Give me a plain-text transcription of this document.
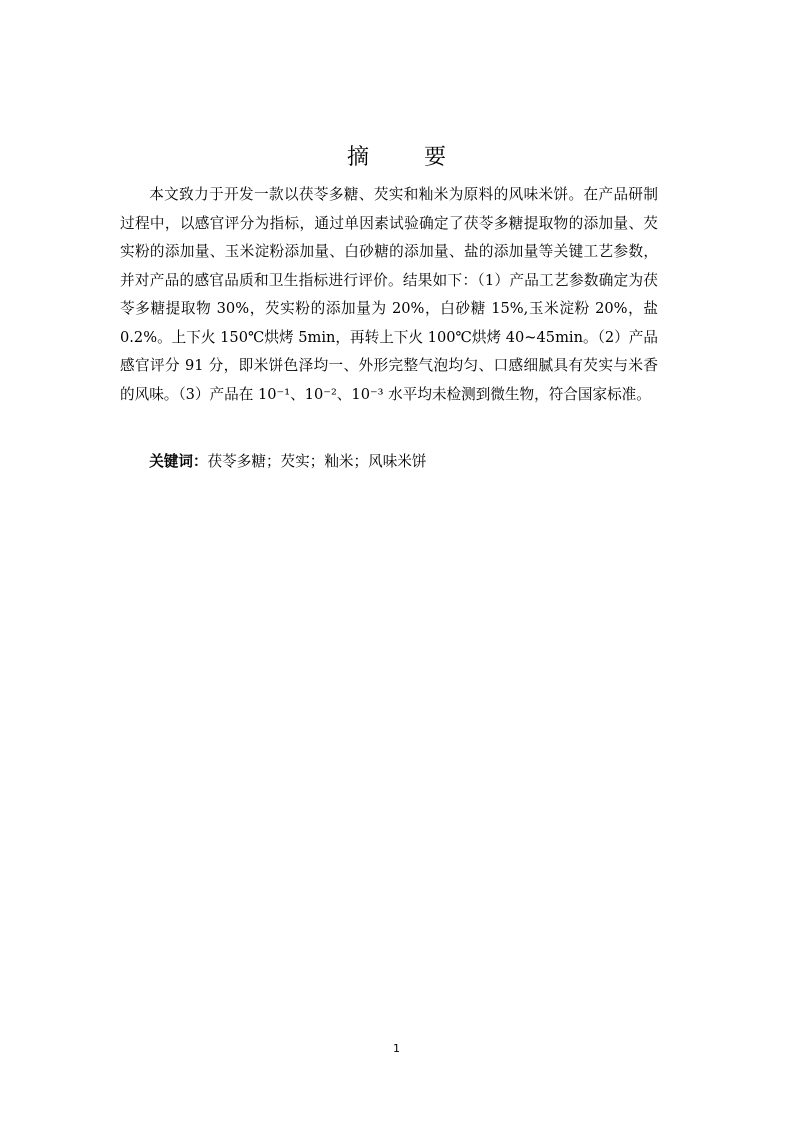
摘 要

本文致力于开发一款以茯苓多糖、芡实和籼米为原料的风味米饼。在产品研制过程中，以感官评分为指标，通过单因素试验确定了茯苓多糖提取物的添加量、芡实粉的添加量、玉米淀粉添加量、白砂糖的添加量、盐的添加量等关键工艺参数，并对产品的感官品质和卫生指标进行评价。结果如下：（1）产品工艺参数确定为茯苓多糖提取物 30%，芡实粉的添加量为 20%，白砂糖 15%,玉米淀粉 20%，盐 0.2%。上下火 150℃烘烤 5min，再转上下火 100℃烘烤 40~45min。（2）产品感官评分 91 分，即米饼色泽均一、外形完整气泡均匀、口感细腻具有芡实与米香的风味。（3）产品在 10⁻¹、10⁻²、10⁻³ 水平均未检测到微生物，符合国家标准。

关键词：茯苓多糖；芡实；籼米；风味米饼

1
